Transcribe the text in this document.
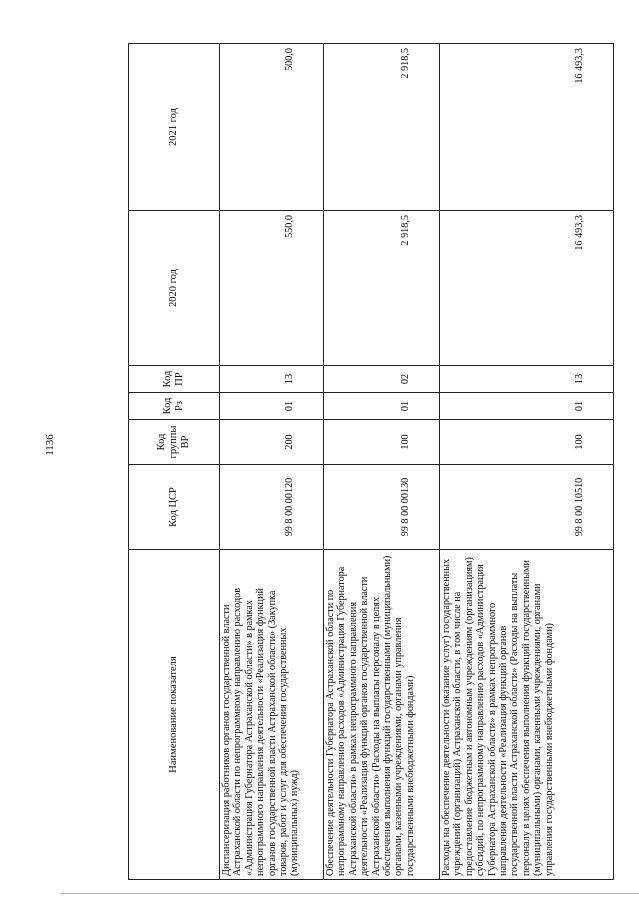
1136
Наименование показателя	Код ЦСР	Код группы ВР	Код Рз	Код ПР	2020 год	2021 год
Диспансеризация работников органов государственной власти Астраханской области по непрограммному направлению расходов «Администрация Губернатора Астраханской области» в рамках непрограммного направления деятельности «Реализация функций органов государственной власти Астраханской области» (Закупка товаров, работ и услуг для обеспечения государственных (муниципальных) нужд)	99 8 00 00120	200	01	13	550,0	500,0
Обеспечение деятельности Губернатора Астраханской области по непрограммному направлению расходов «Администрация Губернатора Астраханской области» в рамках непрограммного направления деятельности «Реализация функций органов государственной власти Астраханской области» (Расходы на выплаты персоналу в целях обеспечения выполнения функций государственными (муниципальными) органами, казенными учреждениями, органами управления государственными внебюджетными фондами)	99 8 00 00130	100	01	02	2 918,5	2 918,5
Расходы на обеспечение деятельности (оказание услуг) государственных учреждений (организаций) Астраханской области, в том числе на предоставление бюджетным и автономным учреждениям (организациям) субсидий, по непрограммному направлению расходов «Администрация Губернатора Астраханской области» в рамках непрограммного направления деятельности «Реализация функций органов государственной власти Астраханской области» (Расходы на выплаты персоналу в целях обеспечения выполнения функций государственными (муниципальными) органами, казенными учреждениями, органами управления государственными внебюджетными фондами)	99 8 00 10510	100	01	13	16 493,3	16 493,3
